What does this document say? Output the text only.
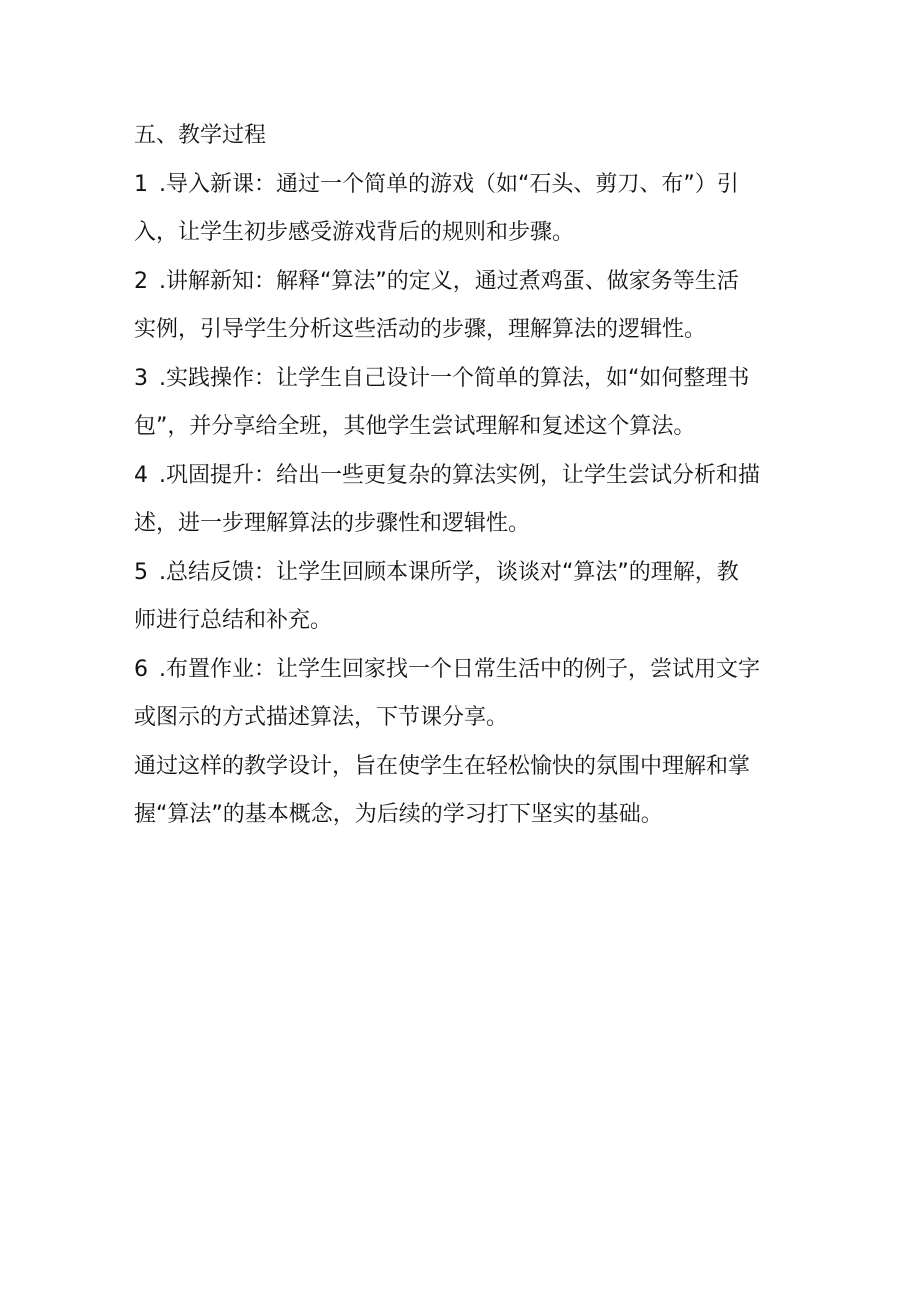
五、教学过程
1 .导入新课：通过一个简单的游戏（如“石头、剪刀、布”）引
入，让学生初步感受游戏背后的规则和步骤。
2 .讲解新知：解释“算法”的定义，通过煮鸡蛋、做家务等生活
实例，引导学生分析这些活动的步骤，理解算法的逻辑性。
3 .实践操作：让学生自己设计一个简单的算法，如“如何整理书
包”，并分享给全班，其他学生尝试理解和复述这个算法。
4 .巩固提升：给出一些更复杂的算法实例，让学生尝试分析和描
述，进一步理解算法的步骤性和逻辑性。
5 .总结反馈：让学生回顾本课所学，谈谈对“算法”的理解，教
师进行总结和补充。
6 .布置作业：让学生回家找一个日常生活中的例子，尝试用文字
或图示的方式描述算法，下节课分享。
通过这样的教学设计，旨在使学生在轻松愉快的氛围中理解和掌
握“算法”的基本概念，为后续的学习打下坚实的基础。
